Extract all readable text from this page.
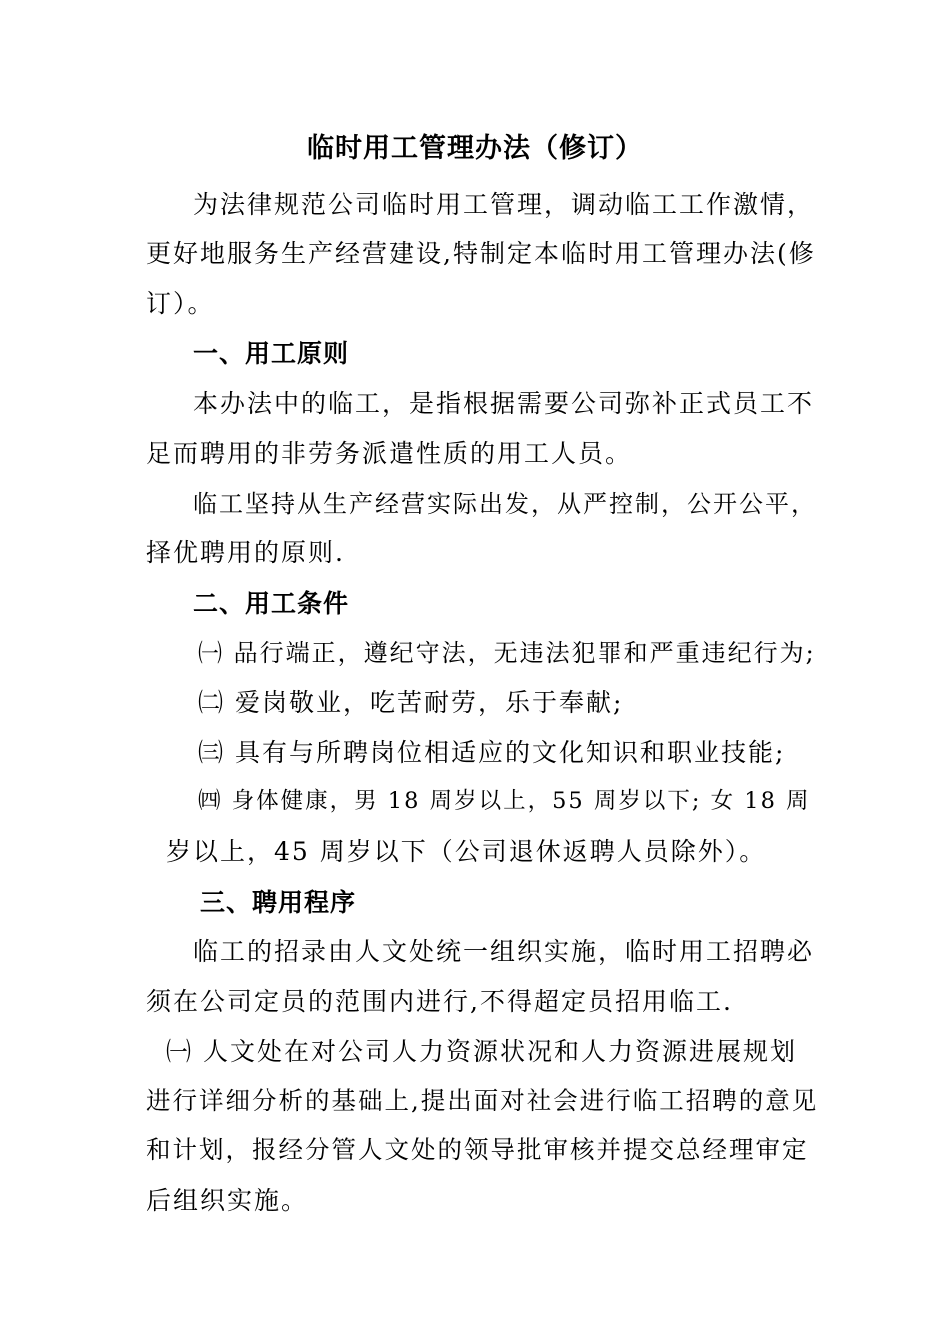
临时用工管理办法（修订）
为法律规范公司临时用工管理，调动临工工作激情，
更好地服务生产经营建设,特制定本临时用工管理办法(修
订）。
一、用工原则
本办法中的临工，是指根据需要公司弥补正式员工不
足而聘用的非劳务派遣性质的用工人员。
临工坚持从生产经营实际出发，从严控制，公开公平，
择优聘用的原则.
二、用工条件
㈠ 品行端正，遵纪守法，无违法犯罪和严重违纪行为;
㈡ 爱岗敬业，吃苦耐劳，乐于奉献;
㈢ 具有与所聘岗位相适应的文化知识和职业技能;
㈣ 身体健康，男 18 周岁以上，55 周岁以下; 女 18 周
岁以上，45 周岁以下（公司退休返聘人员除外）。
三、聘用程序
临工的招录由人文处统一组织实施，临时用工招聘必
须在公司定员的范围内进行,不得超定员招用临工.
㈠ 人文处在对公司人力资源状况和人力资源进展规划
进行详细分析的基础上,提出面对社会进行临工招聘的意见
和计划，报经分管人文处的领导批审核并提交总经理审定
后组织实施。
